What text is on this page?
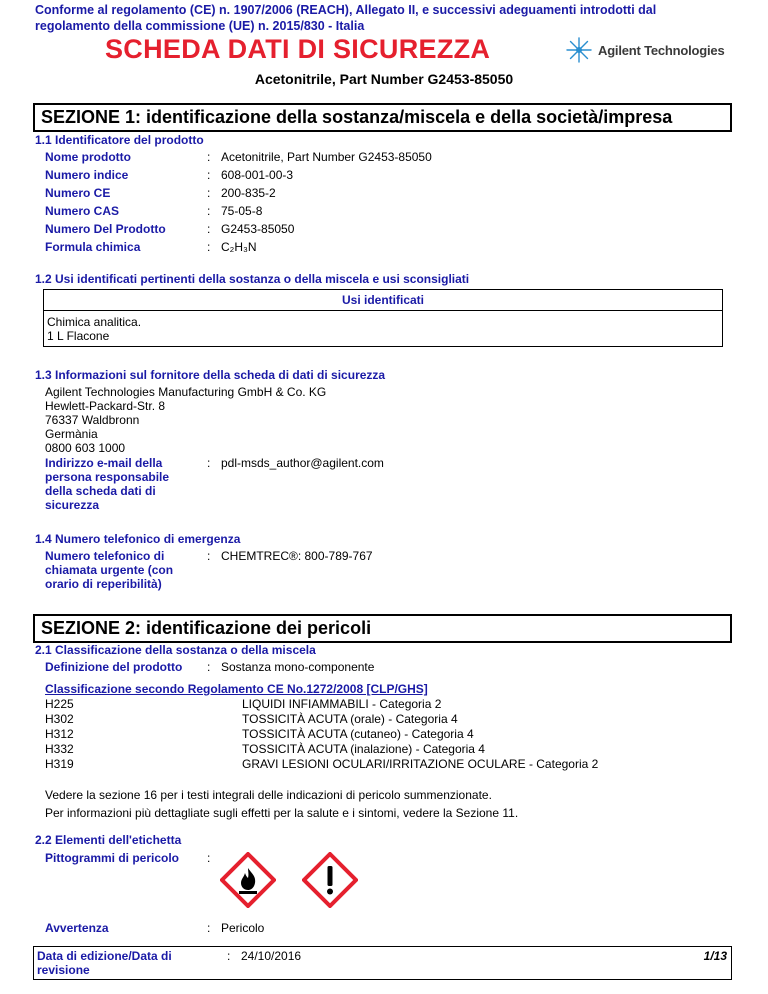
Conforme al regolamento (CE) n. 1907/2006 (REACH), Allegato II, e successivi adeguamenti introdotti dal
regolamento della commissione (UE) n. 2015/830 - Italia
SCHEDA DATI DI SICUREZZA	Agilent Technologies
Acetonitrile, Part Number G2453-85050
SEZIONE 1: identificazione della sostanza/miscela e della società/impresa
1.1 Identificatore del prodotto
Nome prodotto	: Acetonitrile, Part Number G2453-85050
Numero indice	: 608-001-00-3
Numero CE	: 200-835-2
Numero CAS	: 75-05-8
Numero Del Prodotto	: G2453-85050
Formula chimica	: C₂H₃N
1.2 Usi identificati pertinenti della sostanza o della miscela e usi sconsigliati
Usi identificati
Chimica analitica.
1 L Flacone
1.3 Informazioni sul fornitore della scheda di dati di sicurezza
Agilent Technologies Manufacturing GmbH & Co. KG
Hewlett-Packard-Str. 8
76337 Waldbronn
Germània
0800 603 1000
Indirizzo e-mail della persona responsabile della scheda dati di sicurezza
: pdl-msds_author@agilent.com
1.4 Numero telefonico di emergenza
Numero telefonico di chiamata urgente (con orario di reperibilità)
: CHEMTREC®: 800-789-767
SEZIONE 2: identificazione dei pericoli
2.1 Classificazione della sostanza o della miscela
Definizione del prodotto	: Sostanza mono-componente
Classificazione secondo Regolamento CE No.1272/2008 [CLP/GHS]
H225	LIQUIDI INFIAMMABILI - Categoria 2
H302	TOSSICITÀ ACUTA (orale) - Categoria 4
H312	TOSSICITÀ ACUTA (cutaneo) - Categoria 4
H332	TOSSICITÀ ACUTA (inalazione) - Categoria 4
H319	GRAVI LESIONI OCULARI/IRRITAZIONE OCULARE - Categoria 2
Vedere la sezione 16 per i testi integrali delle indicazioni di pericolo summenzionate.
Per informazioni più dettagliate sugli effetti per la salute e i sintomi, vedere la Sezione 11.
2.2 Elementi dell'etichetta
Pittogrammi di pericolo	:
Avvertenza	: Pericolo
Data di edizione/Data di revisione
: 24/10/2016	1/13
